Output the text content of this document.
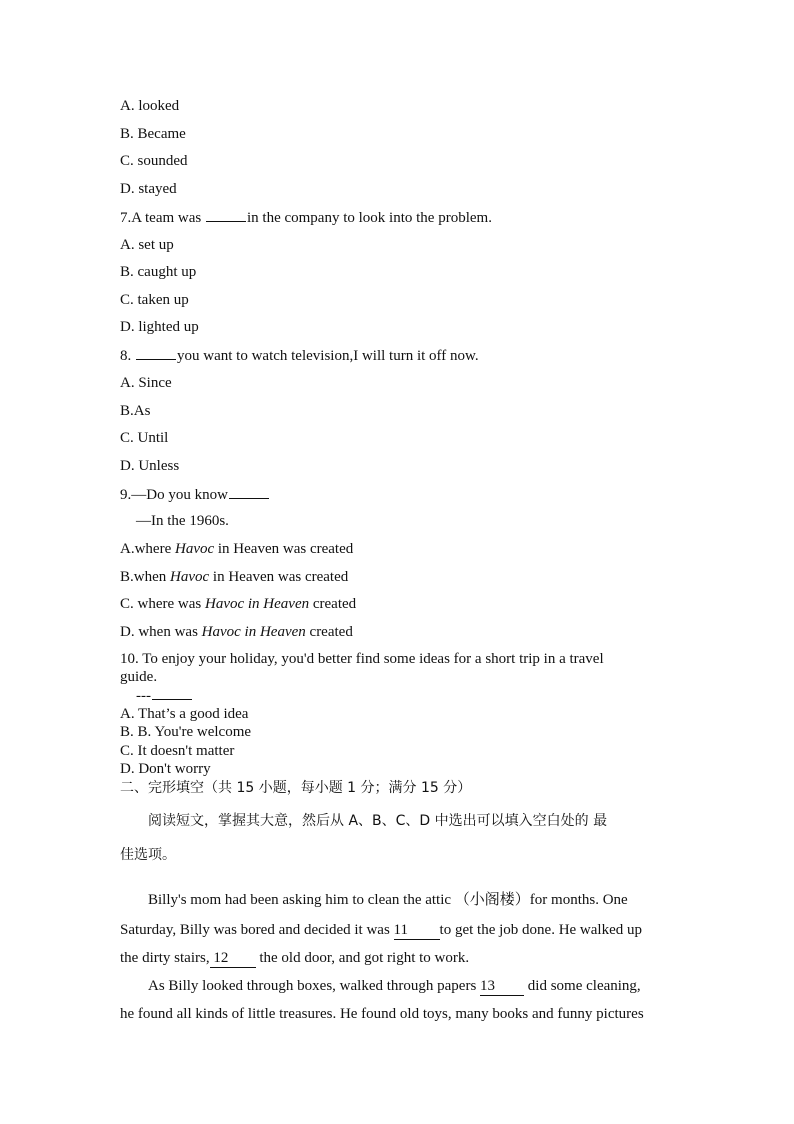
A. looked
B. Became
C. sounded
D. stayed
7.A team was	in the company to look into the problem.
A. set up
B. caught up
C. taken up
D. lighted up
8.	you want to watch television,I will turn it off now.
A. Since
B.As
C. Until
D. Unless
9.—Do you know
—In the 1960s.
A.where Havoc in Heaven was created
B.when Havoc in Heaven was created
C. where was Havoc in Heaven created
D. when was Havoc in Heaven created
10. To enjoy your holiday, you'd better find some ideas for a short trip in a travel
guide.
---
A. That’s a good idea
B. B. You're welcome
C. It doesn't matter
D. Don't worry
二、完形填空（共 15 小题，每小题 1 分；满分 15 分）
阅读短文，掌握其大意，然后从 A、B、C、D 中选出可以填入空白处的 最
佳选项。
Billy's mom had been asking him to clean the attic （小阁楼）for months. One
Saturday, Billy was bored and decided it was 11 to get the job done. He walked up
the dirty stairs, 12 the old door, and got right to work.
As Billy looked through boxes, walked through papers 13 did some cleaning,
he found all kinds of little treasures. He found old toys, many books and funny pictures
